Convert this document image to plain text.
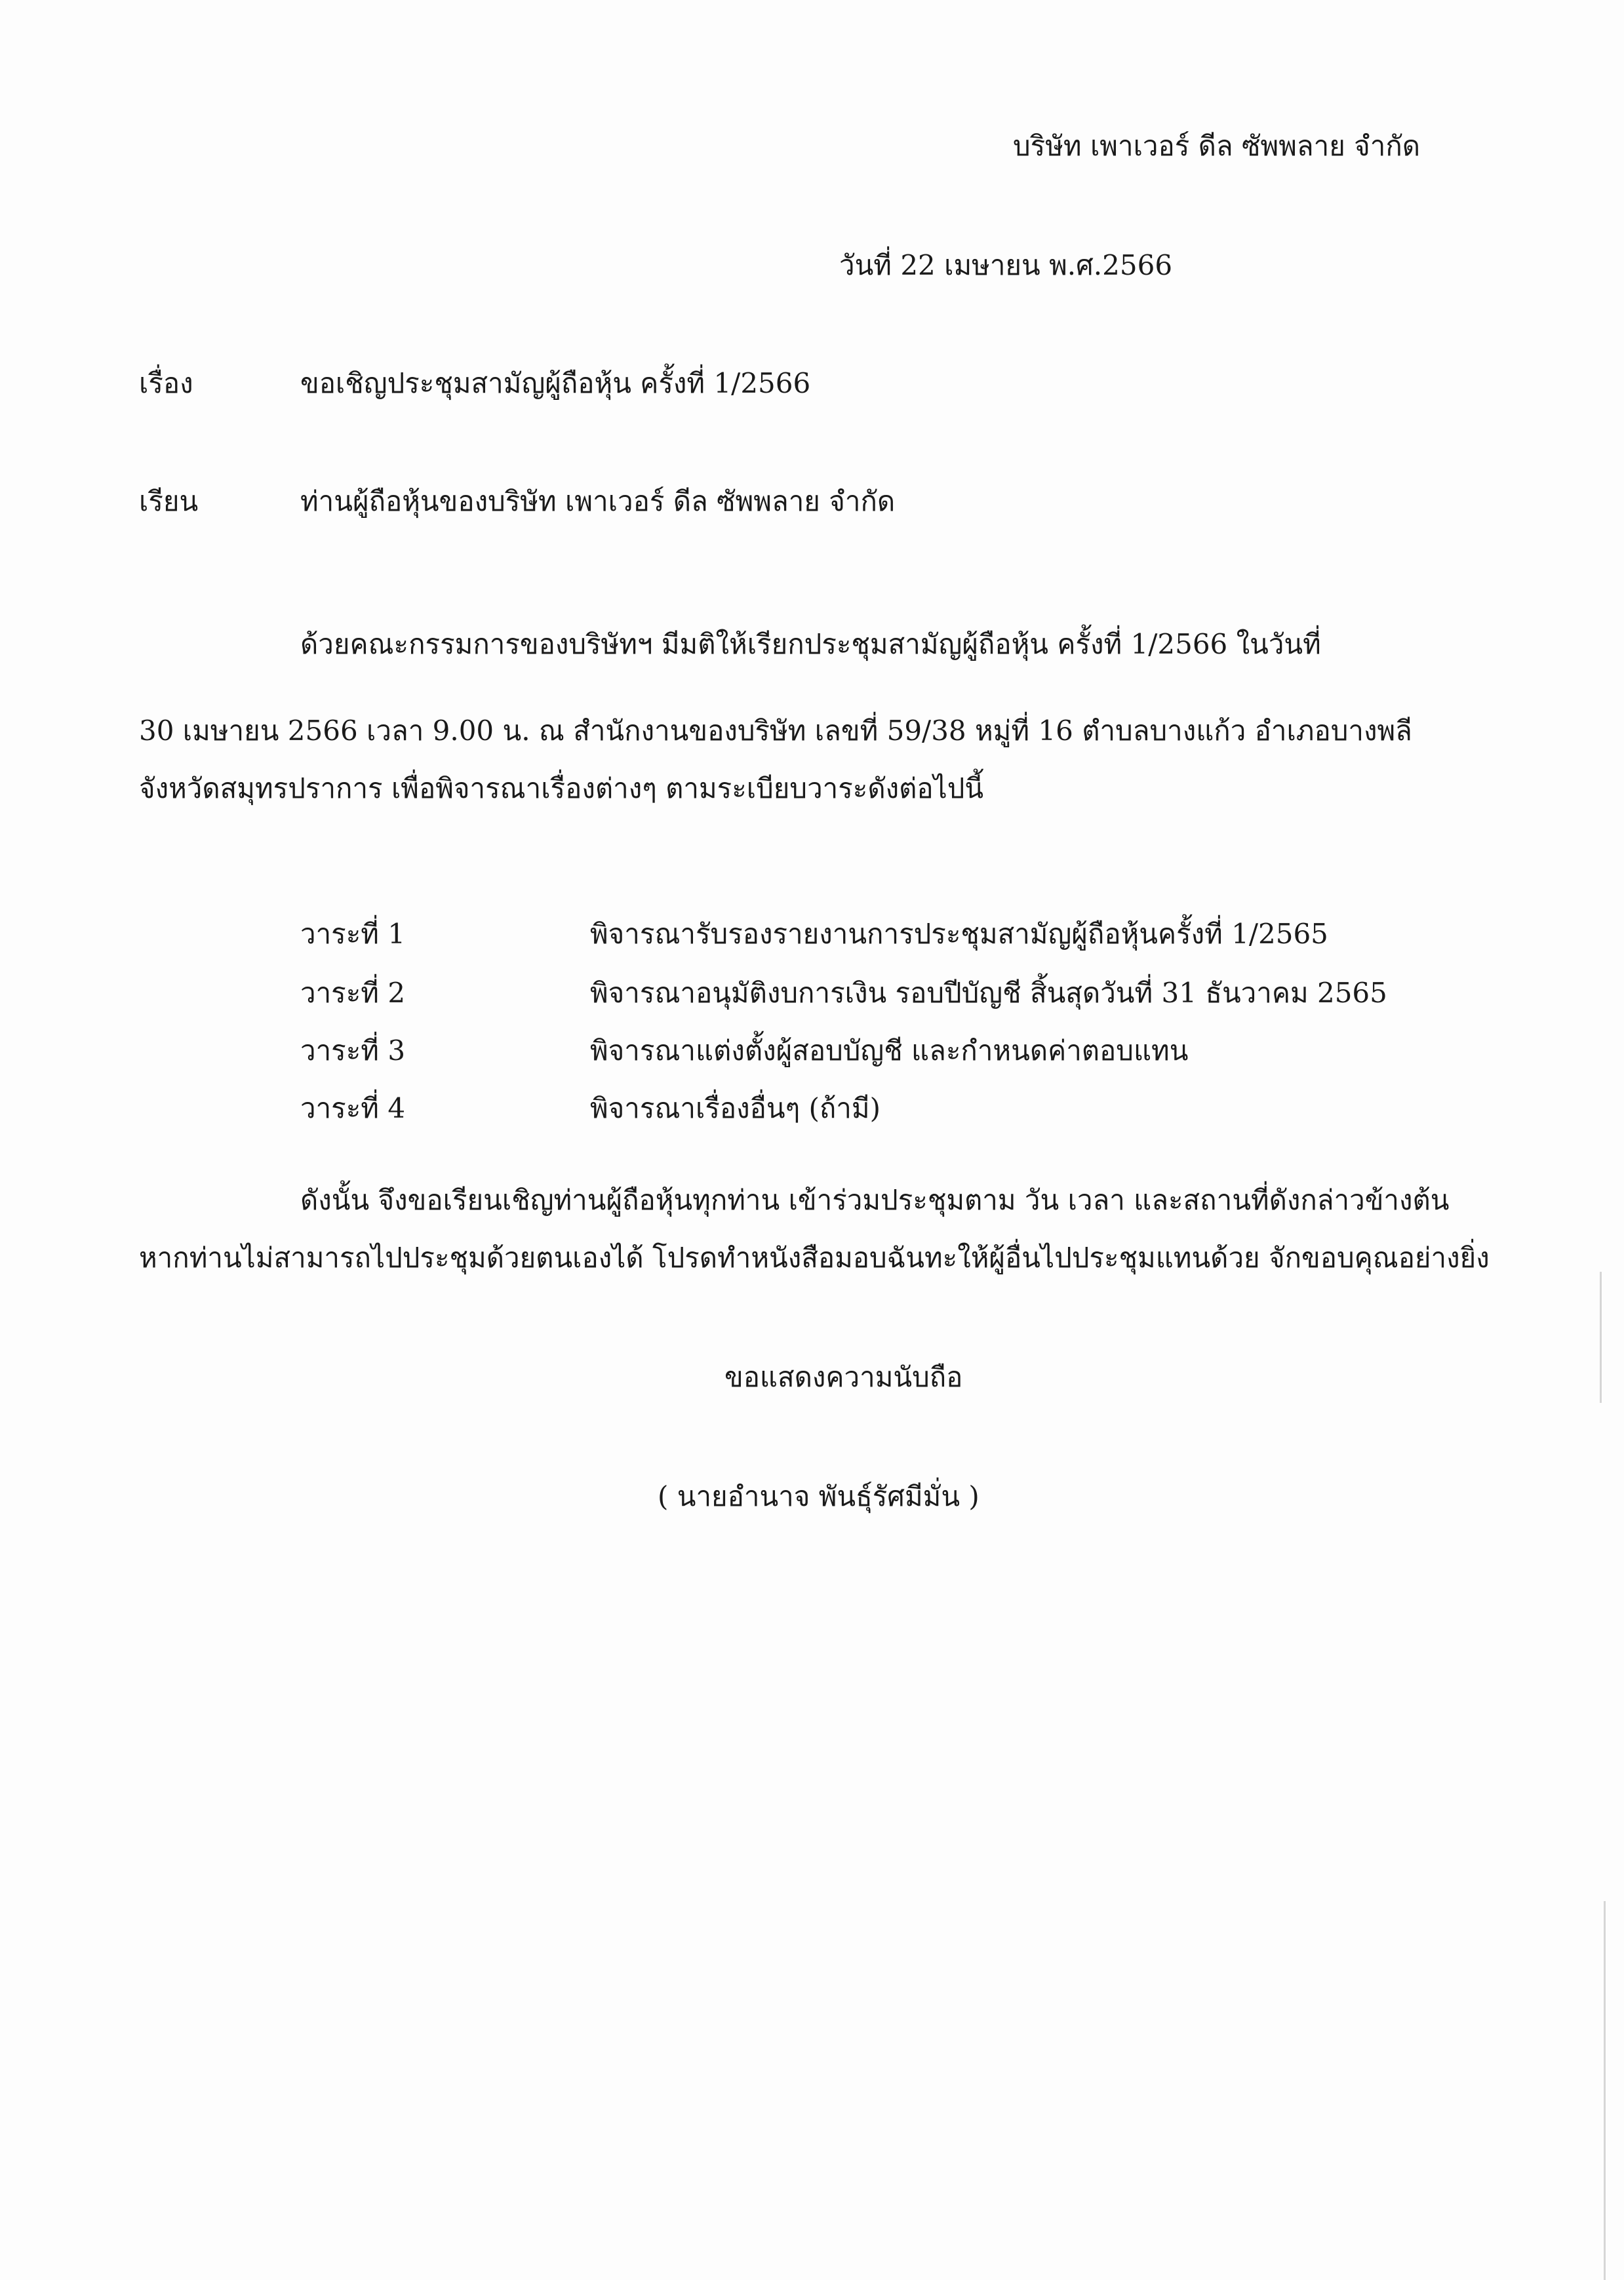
บริษัท เพาเวอร์ ดีล ซัพพลาย จำกัด
วันที่ 22 เมษายน พ.ศ.2566
เรื่อง	ขอเชิญประชุมสามัญผู้ถือหุ้น ครั้งที่ 1/2566
เรียน	ท่านผู้ถือหุ้นของบริษัท เพาเวอร์ ดีล ซัพพลาย จำกัด
ด้วยคณะกรรมการของบริษัทฯ มีมติให้เรียกประชุมสามัญผู้ถือหุ้น ครั้งที่ 1/2566 ในวันที่
30 เมษายน 2566 เวลา 9.00 น. ณ สำนักงานของบริษัท เลขที่ 59/38 หมู่ที่ 16 ตำบลบางแก้ว อำเภอบางพลี
จังหวัดสมุทรปราการ เพื่อพิจารณาเรื่องต่างๆ ตามระเบียบวาระดังต่อไปนี้
วาระที่ 1	พิจารณารับรองรายงานการประชุมสามัญผู้ถือหุ้นครั้งที่ 1/2565
วาระที่ 2	พิจารณาอนุมัติงบการเงิน รอบปีบัญชี สิ้นสุดวันที่ 31 ธันวาคม 2565
วาระที่ 3	พิจารณาแต่งตั้งผู้สอบบัญชี และกำหนดค่าตอบแทน
วาระที่ 4	พิจารณาเรื่องอื่นๆ (ถ้ามี)
ดังนั้น จึงขอเรียนเชิญท่านผู้ถือหุ้นทุกท่าน เข้าร่วมประชุมตาม วัน เวลา และสถานที่ดังกล่าวข้างต้น
หากท่านไม่สามารถไปประชุมด้วยตนเองได้ โปรดทำหนังสือมอบฉันทะให้ผู้อื่นไปประชุมแทนด้วย จักขอบคุณอย่างยิ่ง
ขอแสดงความนับถือ
( นายอำนาจ พันธุ์รัศมีมั่น )
